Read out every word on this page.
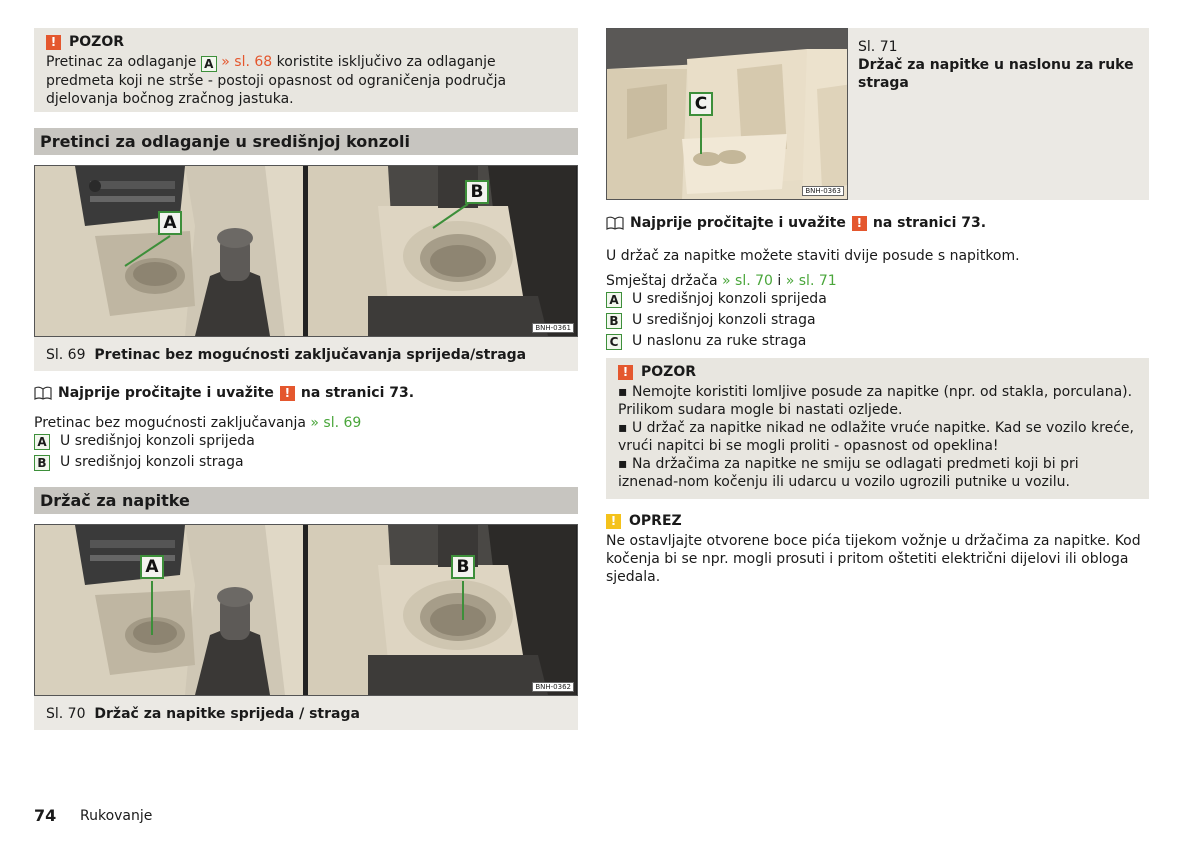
! POZOR
Pretinac za odlaganje A » sl. 68 koristite isključivo za odlaganje predmeta koji ne strše - postoji opasnost od ograničenja područja djelovanja bočnog zračnog jastuka.
Pretinci za odlaganje u središnjoj konzoli
A
B
BNH-0361
Sl. 69 Pretinac bez mogućnosti zaključavanja sprijeda/straga
Najprije pročitajte i uvažite ! na stranici 73.
Pretinac bez mogućnosti zaključavanja » sl. 69
A U središnjoj konzoli sprijeda
B U središnjoj konzoli straga
Držač za napitke
A	B
BNH-0362
Sl. 70 Držač za napitke sprijeda / straga
C
BNH-0363
Sl. 71
Držač za napitke u naslonu za ruke straga
Najprije pročitajte i uvažite ! na stranici 73.
U držač za napitke možete staviti dvije posude s napitkom.
Smještaj držača » sl. 70 i » sl. 71
A U središnjoj konzoli sprijeda
B U središnjoj konzoli straga
C U naslonu za ruke straga
! POZOR
▪ Nemojte koristiti lomljive posude za napitke (npr. od stakla, porculana). Prilikom sudara mogle bi nastati ozljede.
▪ U držač za napitke nikad ne odlažite vruće napitke. Kad se vozilo kreće, vrući napitci bi se mogli proliti - opasnost od opeklina!
▪ Na držačima za napitke ne smiju se odlagati predmeti koji bi pri iznenad-nom kočenju ili udarcu u vozilo ugrozili putnike u vozilu.
! OPREZ
Ne ostavljajte otvorene boce pića tijekom vožnje u držačima za napitke. Kod kočenja bi se npr. mogli prosuti i pritom oštetiti električni dijelovi ili obloga sjedala.
74 Rukovanje
